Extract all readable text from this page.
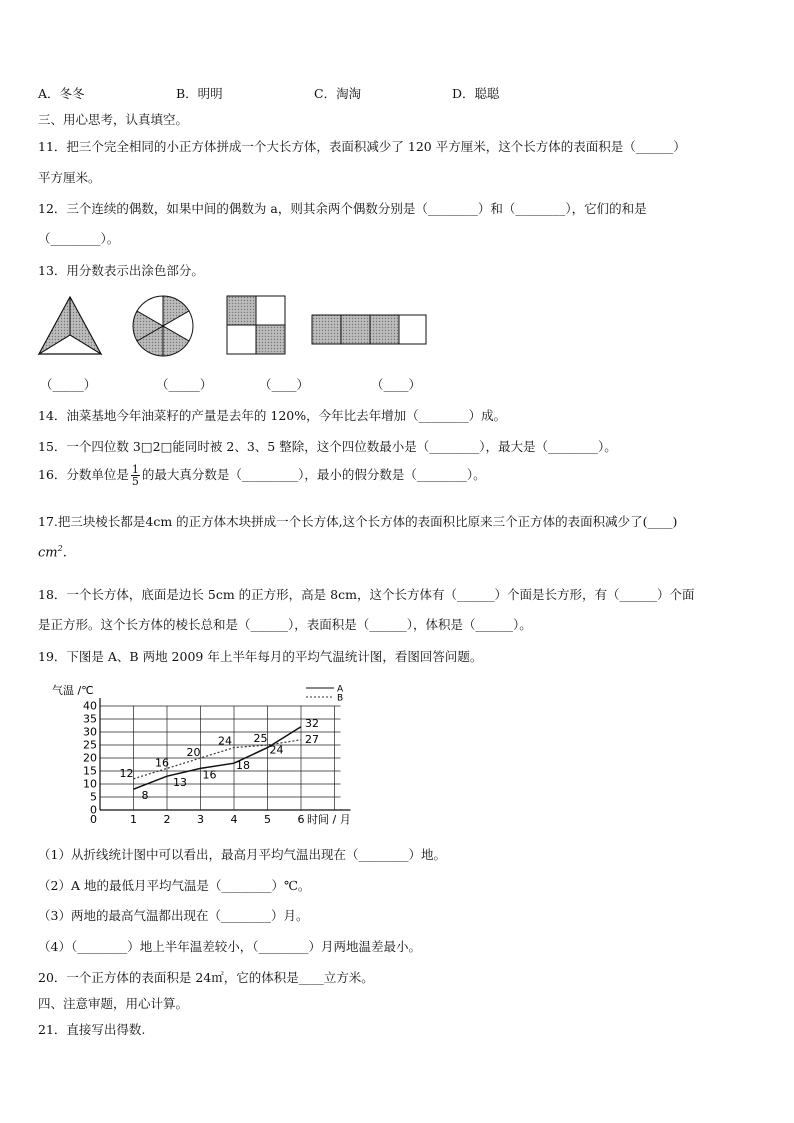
A．冬冬	B．明明	C．淘淘	D．聪聪
三、用心思考，认真填空。
11．把三个完全相同的小正方体拼成一个大长方体，表面积减少了 120 平方厘米，这个长方体的表面积是（______）
平方厘米。
12．三个连续的偶数，如果中间的偶数为 a，则其余两个偶数分别是（________）和（________），它们的和是
（________）。
13．用分数表示出涂色部分。
（_____）	（_____）	（____）	（____）
14．油菜基地今年油菜籽的产量是去年的 120%，今年比去年增加（________）成。
15．一个四位数 3□2□能同时被 2、3、5 整除，这个四位数最小是（________），最大是（________）。
16．分数单位是 $\frac{1}{5}$ 的最大真分数是（_________），最小的假分数是（________）。
17.把三块棱长都是4cm 的正方体木块拼成一个长方体,这个长方体的表面积比原来三个正方体的表面积减少了(____)
$cm^2$.
18．一个长方体，底面是边长 5cm 的正方形，高是 8cm，这个长方体有（______）个面是长方形，有（______）个面
是正方形。这个长方体的棱长总和是（______），表面积是（______），体积是（______）。
19．下图是 A、B 两地 2009 年上半年每月的平均气温统计图，看图回答问题。
0
5
10
15
20
25
30
35
40
1 2 3 4 5 6
0
气温 /℃
时间 / 月
8
13
16
18
24
32
12
16
20
24 25	27
A
B
（1）从折线统计图中可以看出，最高月平均气温出现在（________）地。
（2）A 地的最低月平均气温是（________）℃。
（3）两地的最高气温都出现在（________）月。
（4）（________）地上半年温差较小，（________）月两地温差最小。
20．一个正方体的表面积是 24㎡，它的体积是____立方米。
四、注意审题，用心计算。
21．直接写出得数.
